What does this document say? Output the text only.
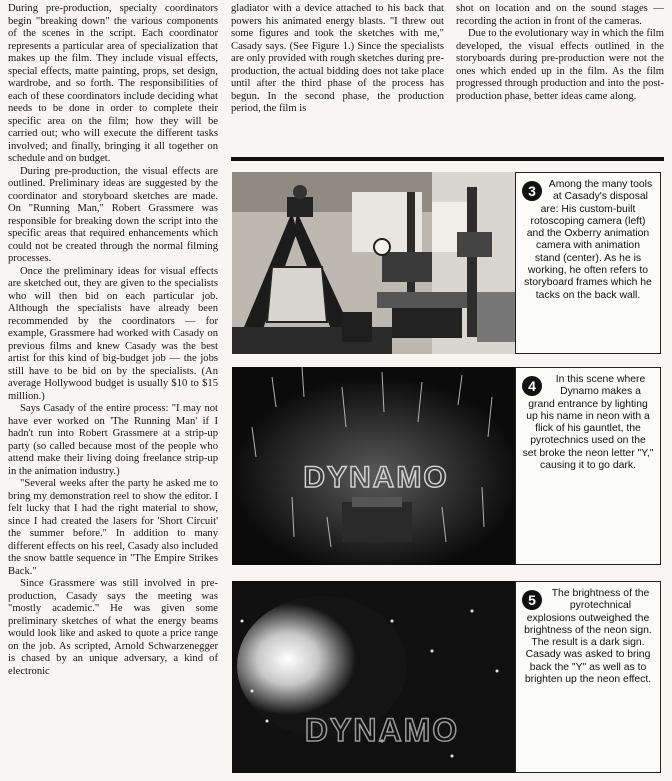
During pre-production, specialty coordinators begin "breaking down" the various components of the scenes in the script. Each coordinator represents a particular area of specialization that makes up the film. They include visual effects, special effects, matte painting, props, set design, wardrobe, and so forth. The responsibilities of each of these coordinators include deciding what needs to be done in order to complete their specific area on the film; how they will be carried out; who will execute the different tasks involved; and finally, bringing it all together on schedule and on budget.

During pre-production, the visual effects are outlined. Preliminary ideas are suggested by the coordinator and storyboard sketches are made. On "Running Man," Robert Grassmere was responsible for breaking down the script into the specific areas that required enhancements which could not be created through the normal filming processes.

Once the preliminary ideas for visual effects are sketched out, they are given to the specialists who will then bid on each particular job. Although the specialists have already been recommended by the coordinators — for example, Grassmere had worked with Casady on previous films and knew Casady was the best artist for this kind of big-budget job — the jobs still have to be bid on by the specialists. (An average Hollywood budget is usually $10 to $15 million.)

Says Casady of the entire process: "I may not have ever worked on 'The Running Man' if I hadn't run into Robert Grassmere at a strip-up party (so called because most of the people who attend make their living doing freelance strip-up in the animation industry.)

"Several weeks after the party he asked me to bring my demonstration reel to show the editor. I felt lucky that I had the right material to show, since I had created the lasers for 'Short Circuit' the summer before." In addition to many different effects on his reel, Casady also included the snow battle sequence in "The Empire Strikes Back."

Since Grassmere was still involved in pre-production, Casady says the meeting was "mostly academic." He was given some preliminary sketches of what the energy beams would look like and asked to quote a price range on the job. As scripted, Arnold Schwarzenegger is chased by an unique adversary, a kind of electronic

gladiator with a device attached to his back that powers his animated energy blasts. "I threw out some figures and took the sketches with me," Casady says. (See Figure 1.) Since the specialists are only provided with rough sketches during pre-production, the actual bidding does not take place until after the third phase of the process has begun. In the second phase, the production period, the film is

shot on location and on the sound stages — recording the action in front of the cameras.

Due to the evolutionary way in which the film developed, the visual effects outlined in the storyboards during pre-production were not the ones which ended up in the film. As the film progressed through production and into the post-production phase, better ideas came along.

3	Among the many tools at Casady's disposal are: His custom-built rotoscoping camera (left) and the Oxberry animation camera with animation stand (center). As he is working, he often refers to storyboard frames which he tacks on the back wall.
DYNAMO
4	In this scene where Dynamo makes a grand entrance by lighting up his name in neon with a flick of his gauntlet, the pyrotechnics used on the set broke the neon letter "Y," causing it to go dark.
DYNAMO
5	The brightness of the pyrotechnical explosions outweighed the brightness of the neon sign. The result is a dark sign. Casady was asked to bring back the "Y" as well as to brighten up the neon effect.
